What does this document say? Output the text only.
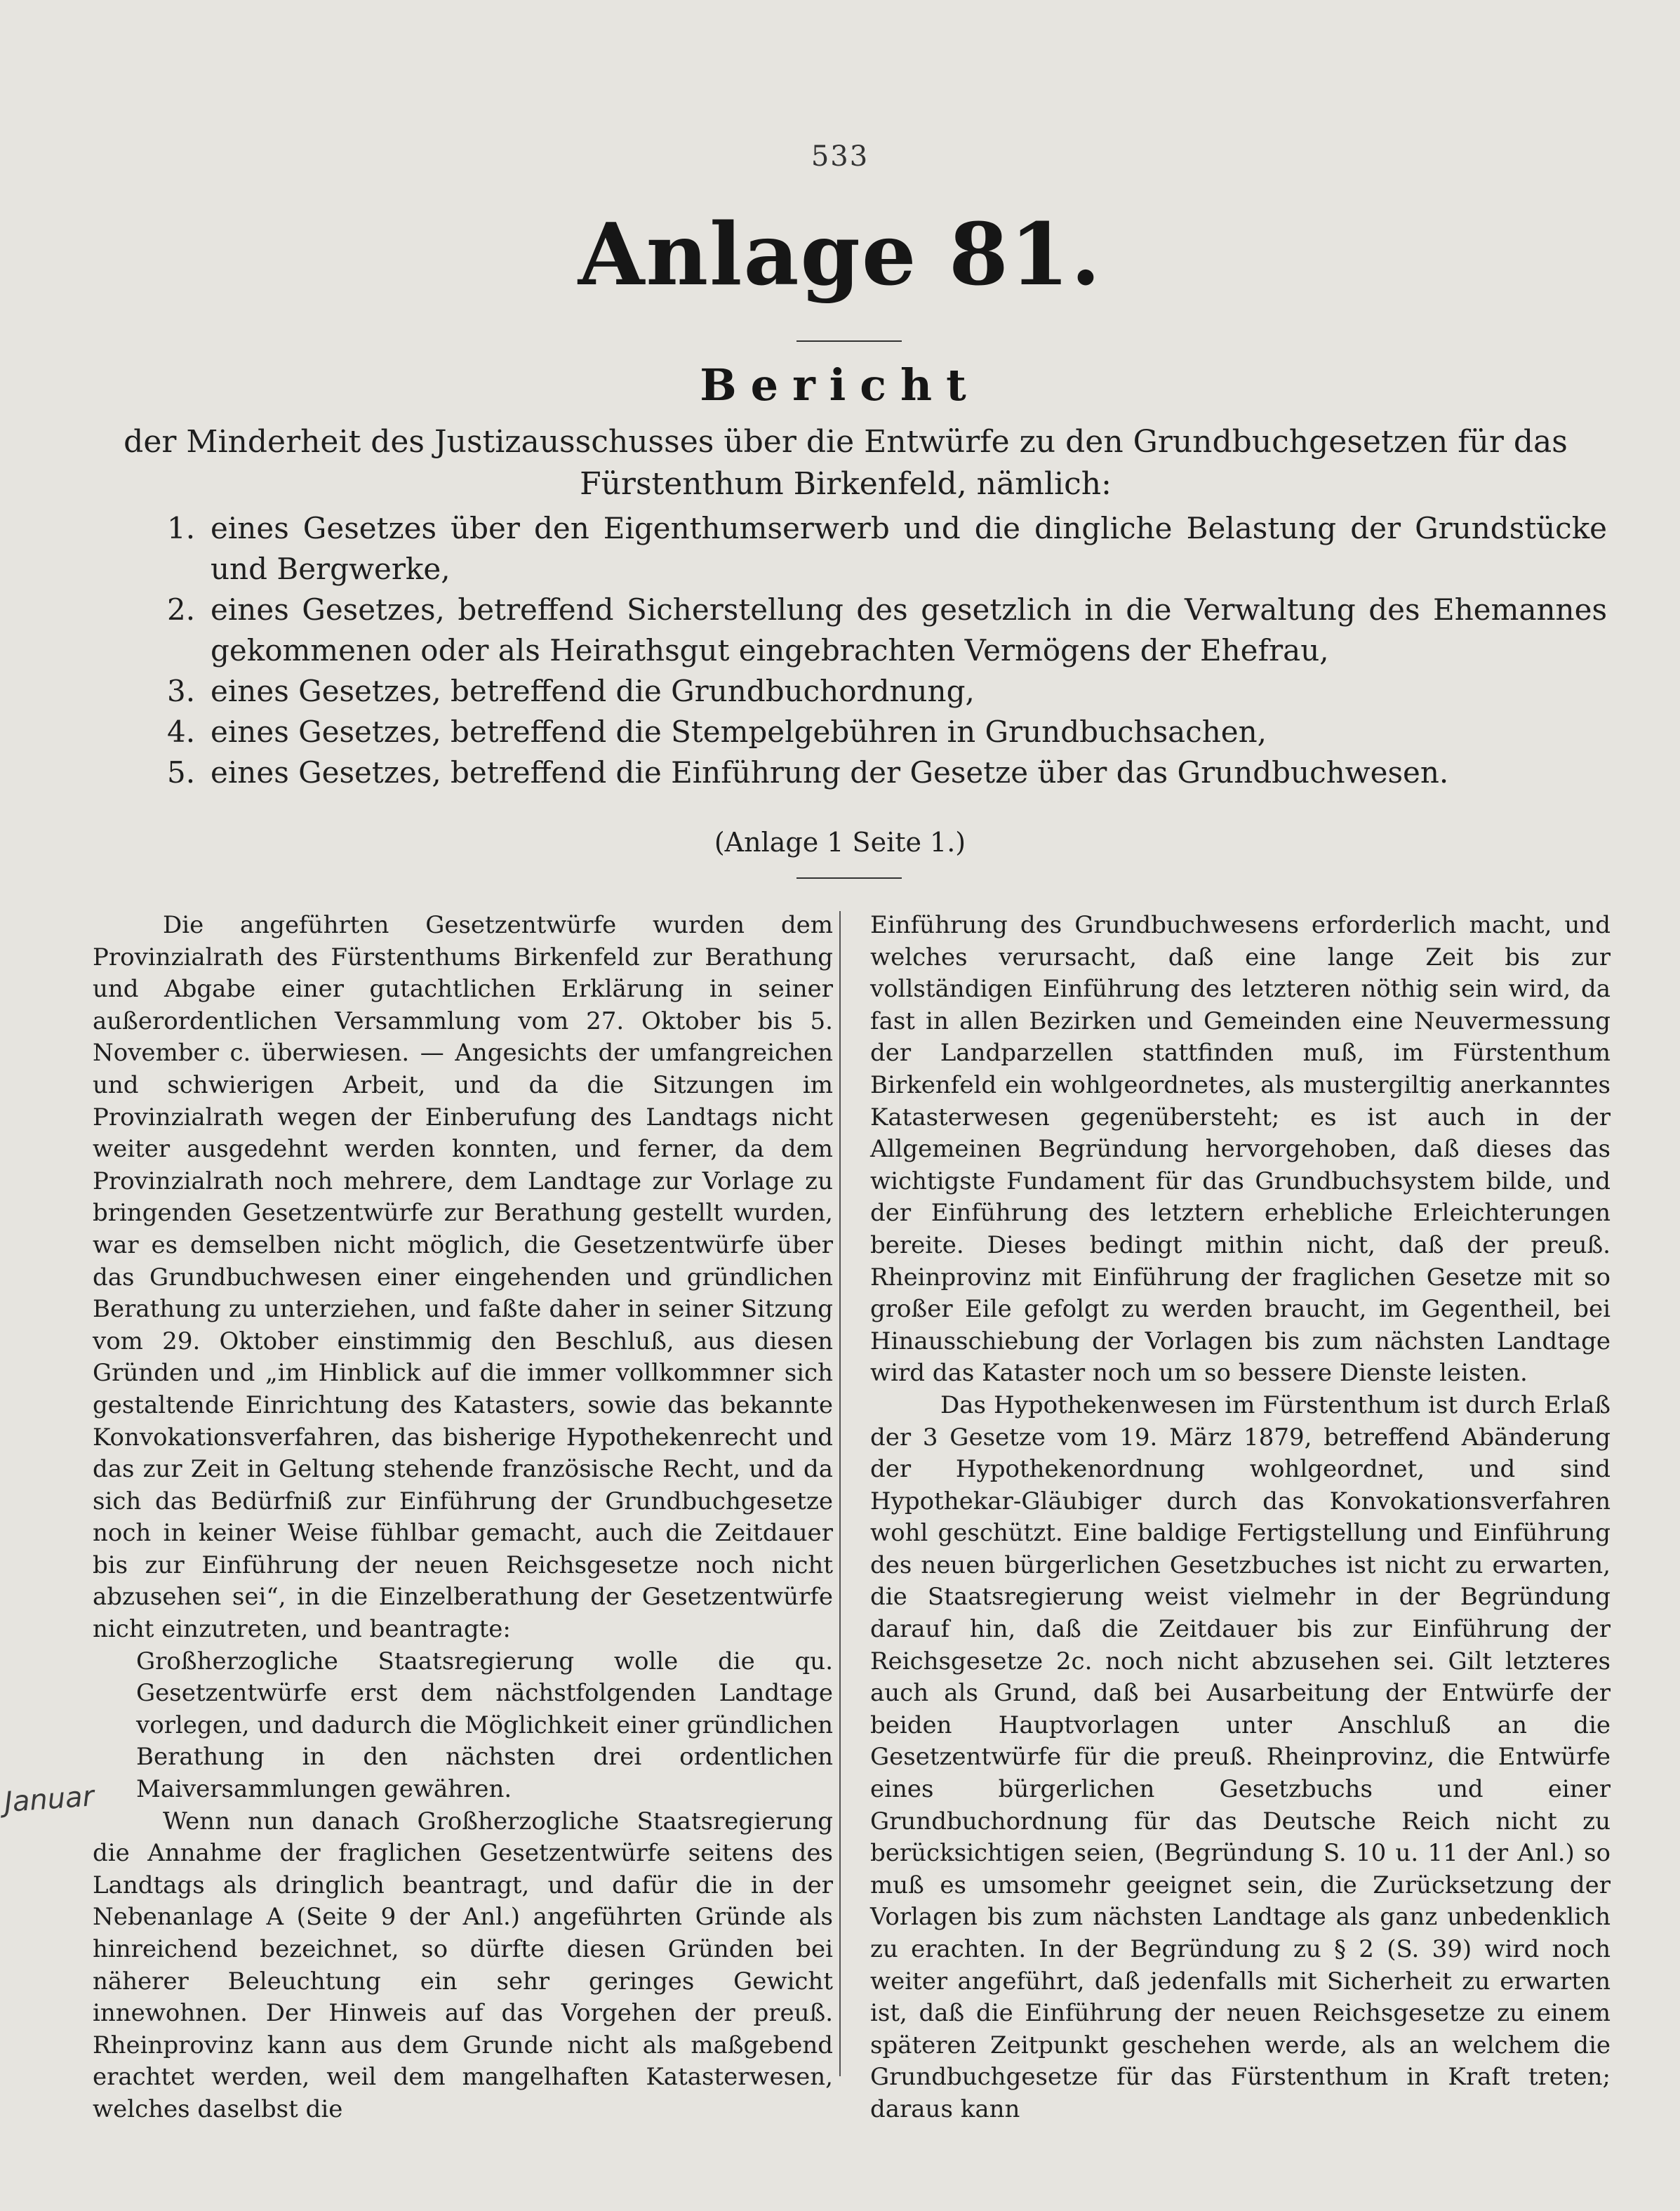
533
Anlage 81.
Bericht
der Minderheit des Justizausschusses über die Entwürfe zu den Grundbuchgesetzen für das Fürstenthum Birkenfeld, nämlich:
1. eines Gesetzes über den Eigenthumserwerb und die dingliche Belastung der Grundstücke und Bergwerke,
2. eines Gesetzes, betreffend Sicherstellung des gesetzlich in die Verwaltung des Ehemannes gekommenen oder als Heirathsgut eingebrachten Vermögens der Ehefrau,
3. eines Gesetzes, betreffend die Grundbuchordnung,
4. eines Gesetzes, betreffend die Stempelgebühren in Grundbuchsachen,
5. eines Gesetzes, betreffend die Einführung der Gesetze über das Grundbuchwesen.
(Anlage 1 Seite 1.)

Die angeführten Gesetzentwürfe wurden dem Provinzialrath des Fürstenthums Birkenfeld zur Berathung und Abgabe einer gutachtlichen Erklärung in seiner außerordentlichen Versammlung vom 27. Oktober bis 5. November c. überwiesen. — Angesichts der umfangreichen und schwierigen Arbeit, und da die Sitzungen im Provinzialrath wegen der Einberufung des Landtags nicht weiter ausgedehnt werden konnten, und ferner, da dem Provinzialrath noch mehrere, dem Landtage zur Vorlage zu bringenden Gesetzentwürfe zur Berathung gestellt wurden, war es demselben nicht möglich, die Gesetzentwürfe über das Grundbuchwesen einer eingehenden und gründlichen Berathung zu unterziehen, und faßte daher in seiner Sitzung vom 29. Oktober einstimmig den Beschluß, aus diesen Gründen und „im Hinblick auf die immer vollkommner sich gestaltende Einrichtung des Katasters, sowie das bekannte Konvokationsverfahren, das bisherige Hypothekenrecht und das zur Zeit in Geltung stehende französische Recht, und da sich das Bedürfniß zur Einführung der Grundbuchgesetze noch in keiner Weise fühlbar gemacht, auch die Zeitdauer bis zur Einführung der neuen Reichsgesetze noch nicht abzusehen sei“, in die Einzelberathung der Gesetzentwürfe nicht einzutreten, und beantragte:

Großherzogliche Staatsregierung wolle die qu. Gesetzentwürfe erst dem nächstfolgenden Landtage vorlegen, und dadurch die Möglichkeit einer gründlichen Berathung in den nächsten drei ordentlichen Maiversammlungen gewähren.

Wenn nun danach Großherzogliche Staatsregierung die Annahme der fraglichen Gesetzentwürfe seitens des Landtags als dringlich beantragt, und dafür die in der Nebenanlage A (Seite 9 der Anl.) angeführten Gründe als hinreichend bezeichnet, so dürfte diesen Gründen bei näherer Beleuchtung ein sehr geringes Gewicht innewohnen. Der Hinweis auf das Vorgehen der preuß. Rheinprovinz kann aus dem Grunde nicht als maßgebend erachtet werden, weil dem mangelhaften Katasterwesen, welches daselbst die

Einführung des Grundbuchwesens erforderlich macht, und welches verursacht, daß eine lange Zeit bis zur vollständigen Einführung des letzteren nöthig sein wird, da fast in allen Bezirken und Gemeinden eine Neuvermessung der Landparzellen stattfinden muß, im Fürstenthum Birkenfeld ein wohlgeordnetes, als mustergiltig anerkanntes Katasterwesen gegenübersteht; es ist auch in der Allgemeinen Begründung hervorgehoben, daß dieses das wichtigste Fundament für das Grundbuchsystem bilde, und der Einführung des letztern erhebliche Erleichterungen bereite. Dieses bedingt mithin nicht, daß der preuß. Rheinprovinz mit Einführung der fraglichen Gesetze mit so großer Eile gefolgt zu werden braucht, im Gegentheil, bei Hinausschiebung der Vorlagen bis zum nächsten Landtage wird das Kataster noch um so bessere Dienste leisten.

Das Hypothekenwesen im Fürstenthum ist durch Erlaß der 3 Gesetze vom 19. März 1879, betreffend Abänderung der Hypothekenordnung wohlgeordnet, und sind Hypothekar-Gläubiger durch das Konvokationsverfahren wohl geschützt. Eine baldige Fertigstellung und Einführung des neuen bürgerlichen Gesetzbuches ist nicht zu erwarten, die Staatsregierung weist vielmehr in der Begründung darauf hin, daß die Zeitdauer bis zur Einführung der Reichsgesetze 2c. noch nicht abzusehen sei. Gilt letzteres auch als Grund, daß bei Ausarbeitung der Entwürfe der beiden Hauptvorlagen unter Anschluß an die Gesetzentwürfe für die preuß. Rheinprovinz, die Entwürfe eines bürgerlichen Gesetzbuchs und einer Grundbuchordnung für das Deutsche Reich nicht zu berücksichtigen seien, (Begründung S. 10 u. 11 der Anl.) so muß es umsomehr geeignet sein, die Zurücksetzung der Vorlagen bis zum nächsten Landtage als ganz unbedenklich zu erachten. In der Begründung zu § 2 (S. 39) wird noch weiter angeführt, daß jedenfalls mit Sicherheit zu erwarten ist, daß die Einführung der neuen Reichsgesetze zu einem späteren Zeitpunkt geschehen werde, als an welchem die Grundbuchgesetze für das Fürstenthum in Kraft treten; daraus kann

Januar
